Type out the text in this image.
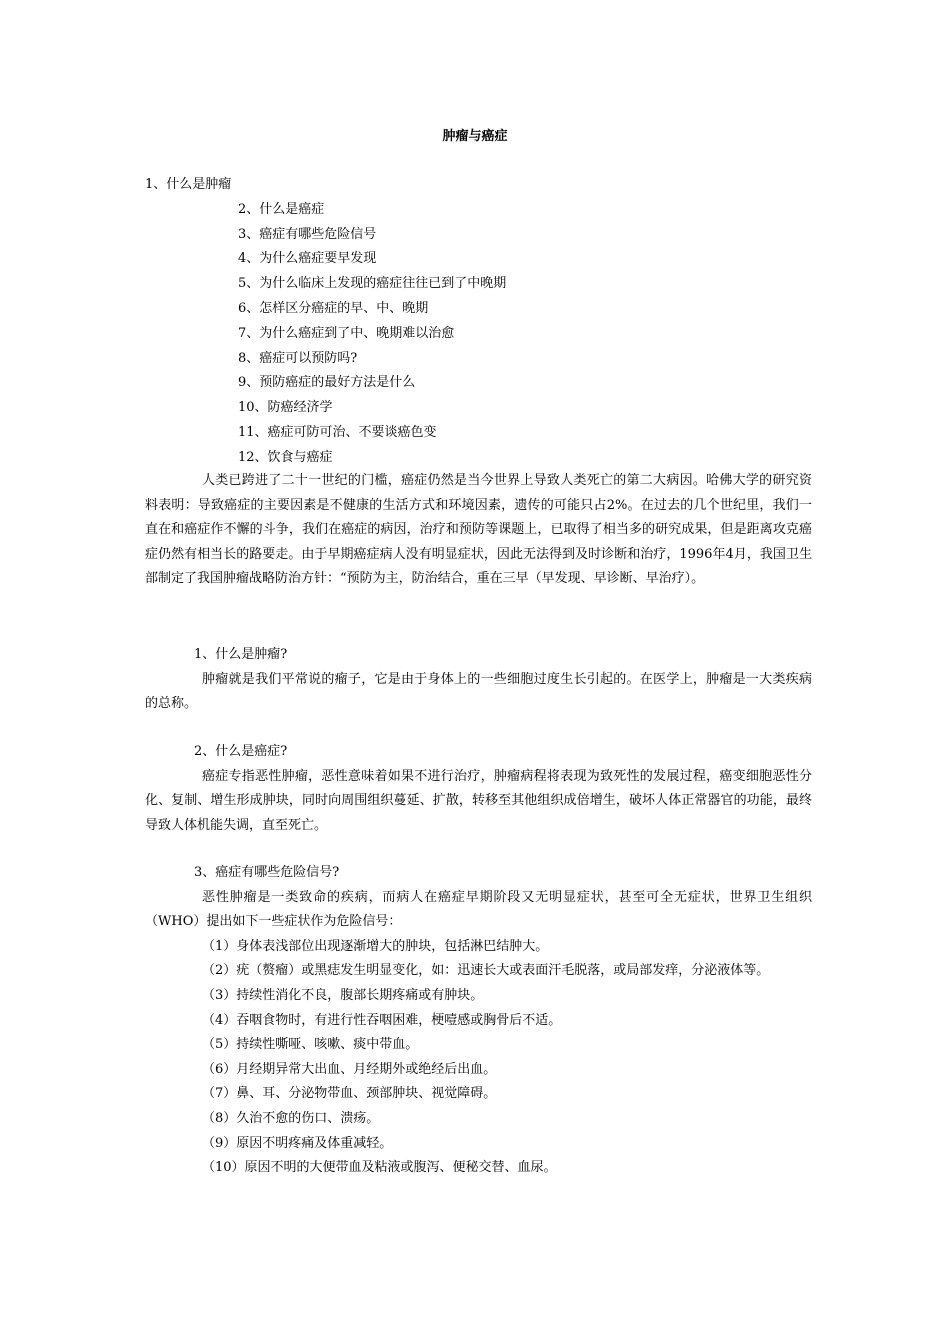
肿瘤与癌症
1、什么是肿瘤
2、什么是癌症
3、癌症有哪些危险信号
4、为什么癌症要早发现
5、为什么临床上发现的癌症往往已到了中晚期
6、怎样区分癌症的早、中、晚期
7、为什么癌症到了中、晚期难以治愈
8、癌症可以预防吗?
9、预防癌症的最好方法是什么
10、防癌经济学
11、癌症可防可治、不要谈癌色变
12、饮食与癌症

人类已跨进了二十一世纪的门槛，癌症仍然是当今世界上导致人类死亡的第二大病因。哈佛大学的研究资料表明：导致癌症的主要因素是不健康的生活方式和环境因素，遗传的可能只占2%。在过去的几个世纪里，我们一直在和癌症作不懈的斗争，我们在癌症的病因，治疗和预防等课题上，已取得了相当多的研究成果，但是距离攻克癌症仍然有相当长的路要走。由于早期癌症病人没有明显症状，因此无法得到及时诊断和治疗，1996年4月，我国卫生部制定了我国肿瘤战略防治方针：“预防为主，防治结合，重在三早（早发现、早诊断、早治疗）。

1、什么是肿瘤?

肿瘤就是我们平常说的瘤子，它是由于身体上的一些细胞过度生长引起的。在医学上，肿瘤是一大类疾病的总称。

2、什么是癌症?

癌症专指恶性肿瘤，恶性意味着如果不进行治疗，肿瘤病程将表现为致死性的发展过程，癌变细胞恶性分化、复制、增生形成肿块，同时向周围组织蔓延、扩散，转移至其他组织成倍增生，破坏人体正常器官的功能，最终导致人体机能失调，直至死亡。

3、癌症有哪些危险信号?

恶性肿瘤是一类致命的疾病，而病人在癌症早期阶段又无明显症状，甚至可全无症状，世界卫生组织（WHO）提出如下一些症状作为危险信号：

（1）身体表浅部位出现逐渐增大的肿块，包括淋巴结肿大。

（2）疣（赘瘤）或黑痣发生明显变化，如：迅速长大或表面汗毛脱落，或局部发痒，分泌液体等。

（3）持续性消化不良，腹部长期疼痛或有肿块。

（4）吞咽食物时，有进行性吞咽困难，梗噎感或胸骨后不适。

（5）持续性嘶哑、咳嗽、痰中带血。

（6）月经期异常大出血、月经期外或绝经后出血。

（7）鼻、耳、分泌物带血、颈部肿块、视觉障碍。

（8）久治不愈的伤口、溃疡。

（9）原因不明疼痛及体重减轻。

（10）原因不明的大便带血及粘液或腹泻、便秘交替、血尿。
